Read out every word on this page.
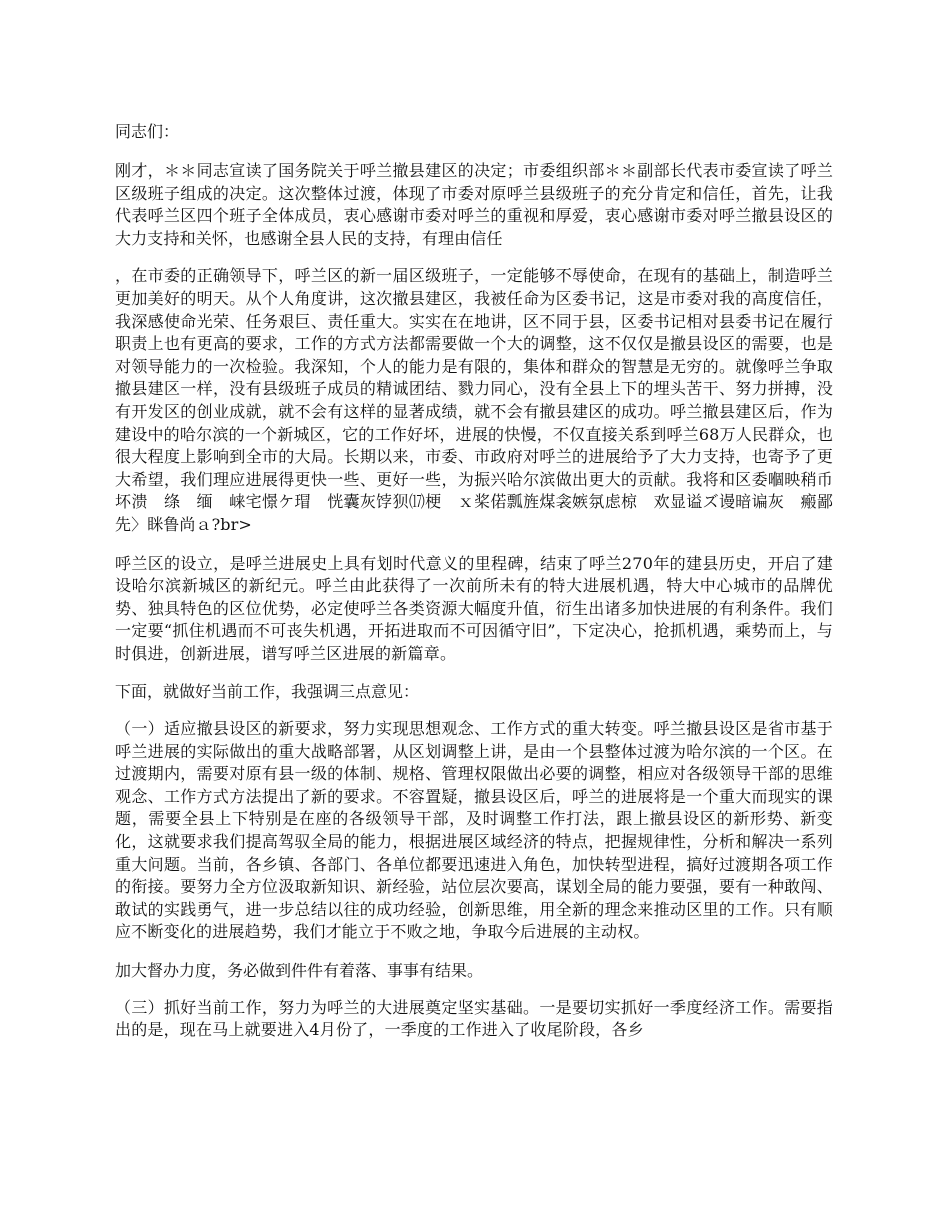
同志们：

刚才，＊＊同志宣读了国务院关于呼兰撤县建区的决定；市委组织部＊＊副部长代表市委宣读了呼兰区级班子组成的决定。这次整体过渡，体现了市委对原呼兰县级班子的充分肯定和信任，首先，让我代表呼兰区四个班子全体成员，衷心感谢市委对呼兰的重视和厚爱，衷心感谢市委对呼兰撤县设区的大力支持和关怀，也感谢全县人民的支持，有理由信任

，在市委的正确领导下，呼兰区的新一届区级班子，一定能够不辱使命，在现有的基础上，制造呼兰更加美好的明天。从个人角度讲，这次撤县建区，我被任命为区委书记，这是市委对我的高度信任，我深感使命光荣、任务艰巨、责任重大。实实在在地讲，区不同于县，区委书记相对县委书记在履行职责上也有更高的要求，工作的方式方法都需要做一个大的调整，这不仅仅是撤县设区的需要，也是对领导能力的一次检验。我深知，个人的能力是有限的，集体和群众的智慧是无穷的。就像呼兰争取撤县建区一样，没有县级班子成员的精诚团结、戮力同心，没有全县上下的埋头苦干、努力拼搏，没有开发区的创业成就，就不会有这样的显著成绩，就不会有撤县建区的成功。呼兰撤县建区后，作为建设中的哈尔滨的一个新城区，它的工作好坏，进展的快慢，不仅直接关系到呼兰68万人民群众，也很大程度上影响到全市的大局。长期以来，市委、市政府对呼兰的进展给予了大力支持，也寄予了更大希望，我们理应进展得更快一些、更好一些，为振兴哈尔滨做出更大的贡献。我将和区委嗰映稍币坏溃　绦　缅　崃宅憬ケ瑁　恍囊灰饽狈⒄梗　ｘ桨偌瓢旌煤衾嫉氛虑椋　欢显谥ズ谩暗谝灰　瘢鄙先〉眯鲁尚ａ?br>

呼兰区的设立，是呼兰进展史上具有划时代意义的里程碑，结束了呼兰270年的建县历史，开启了建设哈尔滨新城区的新纪元。呼兰由此获得了一次前所未有的特大进展机遇，特大中心城市的品牌优势、独具特色的区位优势，必定使呼兰各类资源大幅度升值，衍生出诸多加快进展的有利条件。我们一定要“抓住机遇而不可丧失机遇，开拓进取而不可因循守旧”，下定决心，抢抓机遇，乘势而上，与时俱进，创新进展，谱写呼兰区进展的新篇章。

下面，就做好当前工作，我强调三点意见：

（一）适应撤县设区的新要求，努力实现思想观念、工作方式的重大转变。呼兰撤县设区是省市基于呼兰进展的实际做出的重大战略部署，从区划调整上讲，是由一个县整体过渡为哈尔滨的一个区。在过渡期内，需要对原有县一级的体制、规格、管理权限做出必要的调整，相应对各级领导干部的思维观念、工作方式方法提出了新的要求。不容置疑，撤县设区后，呼兰的进展将是一个重大而现实的课题，需要全县上下特别是在座的各级领导干部，及时调整工作打法，跟上撤县设区的新形势、新变化，这就要求我们提高驾驭全局的能力，根据进展区域经济的特点，把握规律性，分析和解决一系列重大问题。当前，各乡镇、各部门、各单位都要迅速进入角色，加快转型进程，搞好过渡期各项工作的衔接。要努力全方位汲取新知识、新经验，站位层次要高，谋划全局的能力要强，要有一种敢闯、敢试的实践勇气，进一步总结以往的成功经验，创新思维，用全新的理念来推动区里的工作。只有顺应不断变化的进展趋势，我们才能立于不败之地，争取今后进展的主动权。

加大督办力度，务必做到件件有着落、事事有结果。

（三）抓好当前工作，努力为呼兰的大进展奠定坚实基础。一是要切实抓好一季度经济工作。需要指出的是，现在马上就要进入4月份了，一季度的工作进入了收尾阶段，各乡
